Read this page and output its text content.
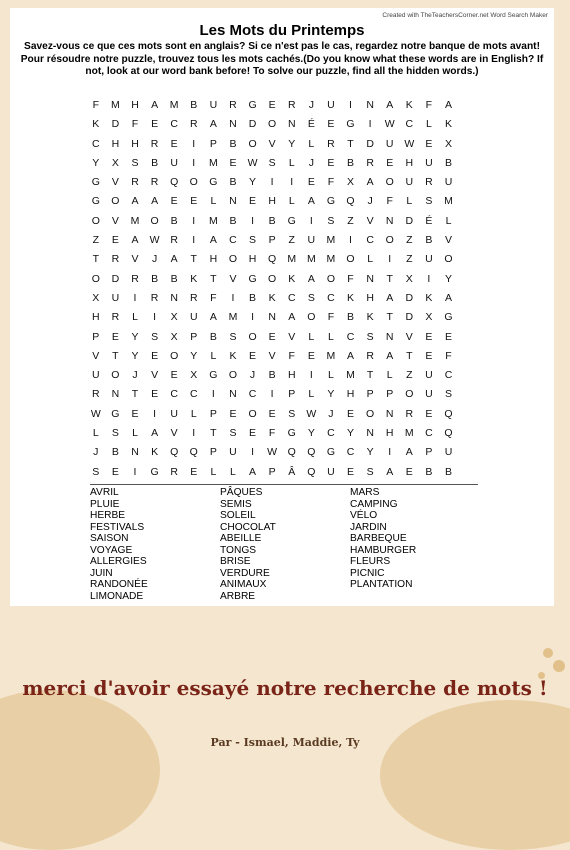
Created with TheTeachersCorner.net Word Search Maker
Les Mots du Printemps
Savez-vous ce que ces mots sont en anglais? Si ce n'est pas le cas, regardez notre banque de mots avant! Pour résoudre notre puzzle, trouvez tous les mots cachés.(Do you know what these words are in English? If not, look at our word bank before! To solve our puzzle, find all the hidden words.)
F	M	H	A	M	B	U	R	G	E	R	J	U	I	N	A	K	F	A
K	D	F	E	C	R	A	N	D	O	N	É	E	G	I	W	C	L	K
C	H	H	R	E	I	P	B	O	V	Y	L	R	T	D	U	W	E	X
Y	X	S	B	U	I	M	E	W	S	L	J	E	B	R	E	H	U	B
G	V	R	R	Q	O	G	B	Y	I	I	E	F	X	A	O	U	R	U
G	O	A	A	E	E	L	N	E	H	L	A	G	Q	J	F	L	S	M
O	V	M	O	B	I	M	B	I	B	G	I	S	Z	V	N	D	É	L
Z	E	A	W	R	I	A	C	S	P	Z	U	M	I	C	O	Z	B	V
T	R	V	J	A	T	H	O	H	Q	M	M	M	O	L	I	Z	U	O
O	D	R	B	B	K	T	V	G	O	K	A	O	F	N	T	X	I	Y
X	U	I	R	N	R	F	I	B	K	C	S	C	K	H	A	D	K	A
H	R	L	I	X	U	A	M	I	N	A	O	F	B	K	T	D	X	G
P	E	Y	S	X	P	B	S	O	E	V	L	L	C	S	N	V	E	E
V	T	Y	E	O	Y	L	K	E	V	F	E	M	A	R	A	T	E	F
U	O	J	V	E	X	G	O	J	B	H	I	L	M	T	L	Z	U	C
R	N	T	E	C	C	I	N	C	I	P	L	Y	H	P	P	O	U	S
W	G	E	I	U	L	P	E	O	E	S	W	J	E	O	N	R	E	Q
L	S	L	A	V	I	T	S	E	F	G	Y	C	Y	N	H	M	C	Q
J	B	N	K	Q	Q	P	U	I	W	Q	Q	G	C	Y	I	A	P	U
S	E	I	G	R	E	L	L	A	P	Â	Q	U	E	S	A	E	B	B
AVRIL
PLUIE
HERBE
FESTIVALS
SAISON
VOYAGE
ALLERGIES
JUIN
RANDONÉE
LIMONADE
PÂQUES
SEMIS
SOLEIL
CHOCOLAT
ABEILLE
TONGS
BRISE
VERDURE
ANIMAUX
ARBRE
MARS
CAMPING
VÉLO
JARDIN
BARBEQUE
HAMBURGER
FLEURS
PICNIC
PLANTATION
merci d'avoir essayé notre recherche de mots !
Par - Ismael, Maddie, Ty
